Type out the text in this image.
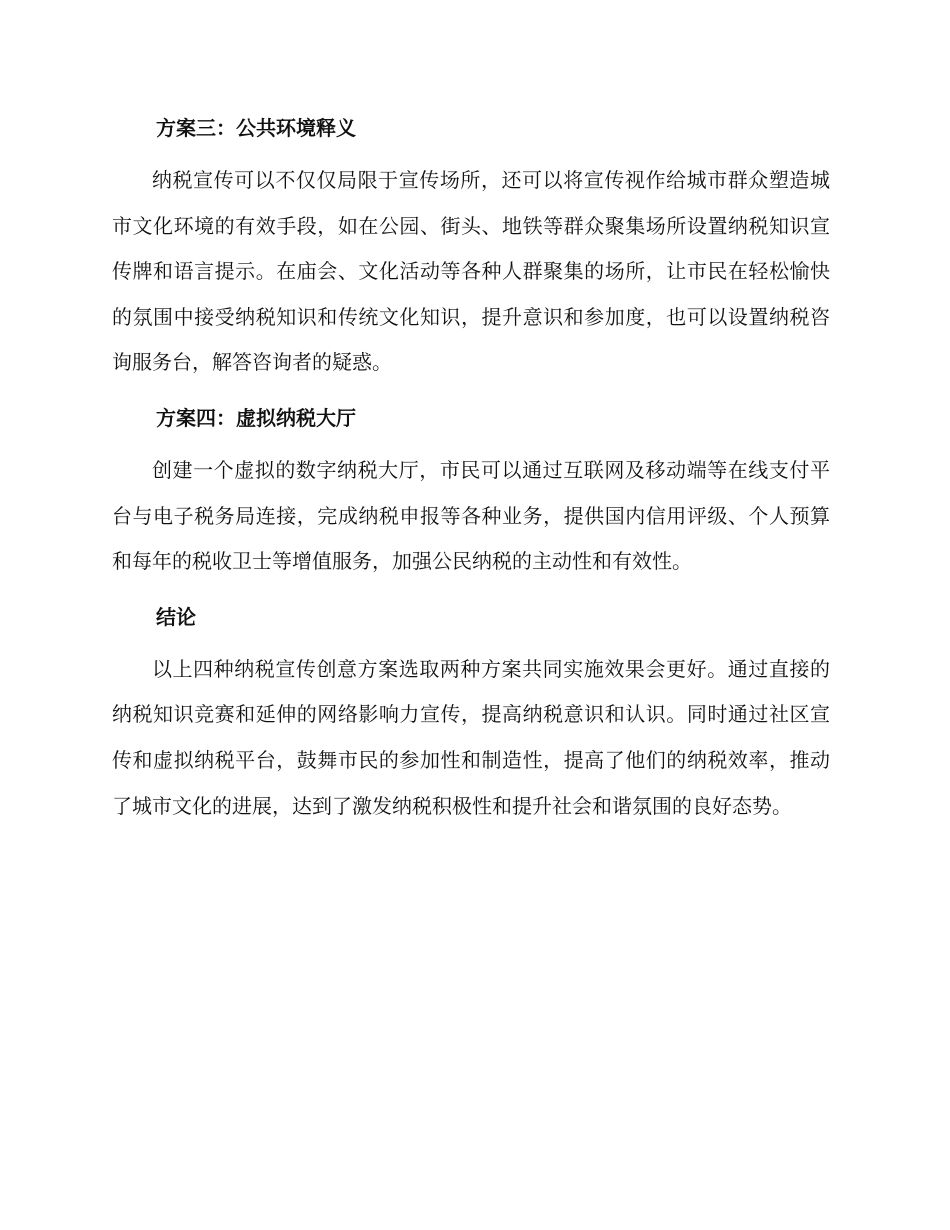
方案三：公共环境释义

纳税宣传可以不仅仅局限于宣传场所，还可以将宣传视作给城市群众塑造城市文化环境的有效手段，如在公园、街头、地铁等群众聚集场所设置纳税知识宣传牌和语言提示。在庙会、文化活动等各种人群聚集的场所，让市民在轻松愉快的氛围中接受纳税知识和传统文化知识，提升意识和参加度，也可以设置纳税咨询服务台，解答咨询者的疑惑。

方案四：虚拟纳税大厅

创建一个虚拟的数字纳税大厅，市民可以通过互联网及移动端等在线支付平台与电子税务局连接，完成纳税申报等各种业务，提供国内信用评级、个人预算和每年的税收卫士等增值服务，加强公民纳税的主动性和有效性。

结论

以上四种纳税宣传创意方案选取两种方案共同实施效果会更好。通过直接的纳税知识竞赛和延伸的网络影响力宣传，提高纳税意识和认识。同时通过社区宣传和虚拟纳税平台，鼓舞市民的参加性和制造性，提高了他们的纳税效率，推动了城市文化的进展，达到了激发纳税积极性和提升社会和谐氛围的良好态势。
